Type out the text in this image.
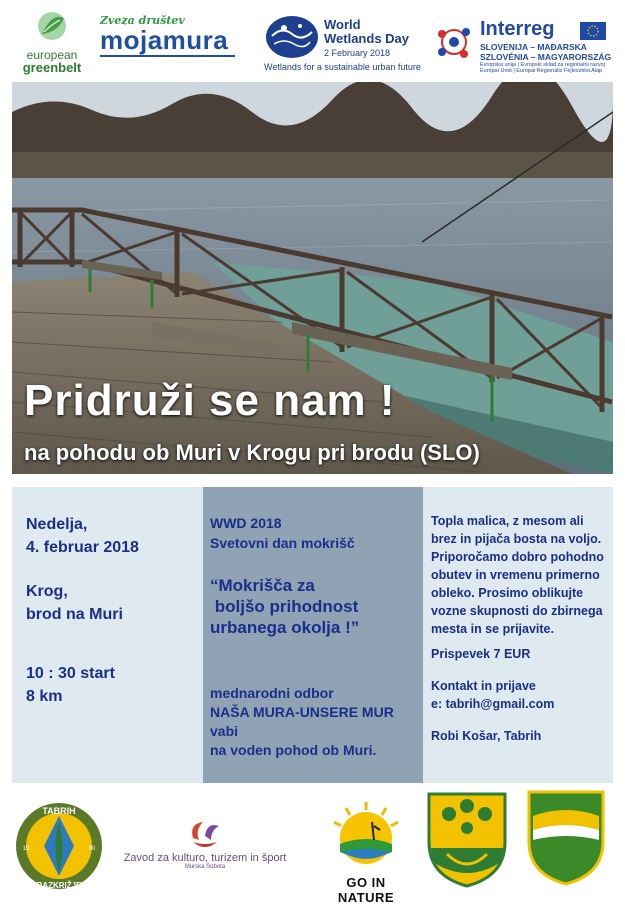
european
greenbelt
Zveza društev
mojamura
World Wetlands Day
2 February 2018
Wetlands for a sustainable urban future
Interreg
SLOVENIJA – MAĐARSKA
SZLOVÉNIA – MAGYARORSZÁG
Evropska unija | Evropski sklad za regionalni razvoj
Európai Unió | Európai Regionális Fejlesztési Alap
Pridruži se nam !
na pohodu ob Muri v Krogu pri brodu (SLO)
Nedelja,
4. februar 2018
Krog,
brod na Muri
10 : 30 start
8 km
WWD 2018
Svetovni dan mokrišč
“Mokrišča za
boljšo prihodnost
urbanega okolja !”
mednarodni odbor
NAŠA MURA-UNSERE MUR
vabi
na voden pohod ob Muri.
Topla malica, z mesom ali
brez in pijača bosta na voljo.
Priporočamo dobro pohodno
obutev in vremenu primerno
obleko. Prosimo oblikujte
vozne skupnosti do zbirnega
mesta in se prijavite.
Prispevek 7 EUR
Kontakt in prijave
e: tabrih@gmail.com
Robi Košar, Tabrih
TABRIH
RAZKRIŽJE
19	90
Zavod za kulturo, turizem in šport
Murska Sobota
GO IN NATURE
